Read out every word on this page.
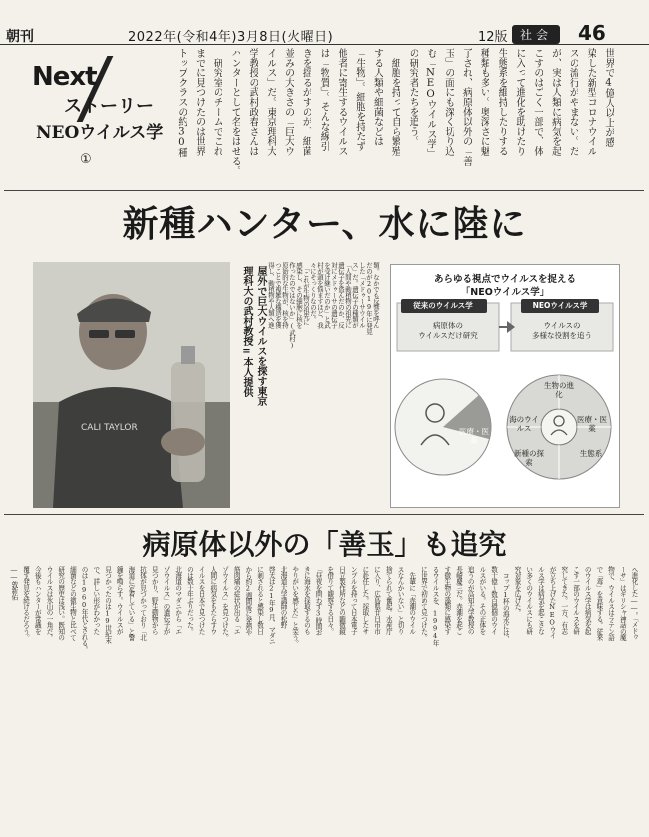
朝刊	2022年(令和4年)3月8日(火曜日)	12版	社会	46
Next
ストーリー
NEOウイルス学
①
世界で4億人以上が感
染した新型コロナウイル
スの流行がやまない。だ
が、実は人類に病気を起
こすのはごく一部で、体
に入って進化を助けたり
生態系を維持したりする
種類も多い。奥深さに魅
了され、病原体以外の「善
玉」の面にも深く切り込
む「NEOウイルス学」
の研究者たちを追う。
　細胞を持って自ら繁殖
する人類や細菌などは
「生物」。細胞を持たず
他者に寄生するウイルス
は「物質」。そんな線引
きを揺るがすのが、細菌
並みの大きさの「巨大ウ
イルス」だ。東京理科大
学教授の武村政春さんは
ハンターとして名をはせる。
　研究室のチームでこれ
までに見つけたのは世界
トップクラスの約30種
新種ハンター、水に陸に
CALI TAYLOR
屋外で巨大ウイルスを探す東京
理科大の武村教授=本人提供	類。なかでも反響を呼ん
だのが2019年に発見
した「メドゥーサウイル
ス」だ。遺伝子の種類が
「人間や動植物の祖先に
遺伝子を盗んだのか、反
対にメドゥーサの遺伝子
を受け継いだのか」と武
村が頭を悩ますほど、我
々にそっくりなのだ。
　「これが生物の祖先に
感染し、その細胞に核を
作ったのではないか」(武村)
原始的な生物が、核を持
つことで複雑な構造を獲
得し、動植物や人類へ進	あらゆる視点でウイルスを捉える
「NEOウイルス学」
従来のウイルス学	NEOウイルス学
病原体の
ウイルスだけ研究
ウイルスの
多様な役割を追う
医療・医薬
生物の進化
医療・医薬
生態系
新種の探索
海のウイルス
病原体以外の「善玉」も追究
へ進化した――。「メドゥ
ーサ」はギリシャ神話の魔
物で、ウイルスはラテン語
で「毒」を意味する。従来
のウイルス学は病気を起
こす一部のウイルスを研
究してきた。一方、有志
が立ち上げたNEOウイ
ルス学は病気を起こさな
い多くのウイルスにも研
究対象を広げた。
　コップ1杯の海水には、
数十億〜数百億個のウイ
ルスがいる。その正体を
追うのが高知大学教授の
長崎慶三だ。赤潮を起こ
す微生物の藻類に感染す
るウイルスを、1994年
に世界で初めて見つけた。
　先輩に「赤潮のウイル
スなんかいない」と切り
捨てられて奮起。水産庁
に入り、広島県廿日市市
に赴任した。採取したサ
ンプルを持って日本電子
日立製作所などの顕微鏡
を借りて観察する日々。
「昼夜を問わず3時間お
きに海水を採取するのも
やりがいを感じた」と笑う。
北海道大学講師の松野
啓太は21年9月、マダニ
に刺されると感染し数日
から約2週間後に発熱や
筋肉痛の症状が出る「エ
ゾウイルス」を見つけた。
人間に病気をもたらすウ
イルスを日本で見つけた
のは数十年ぶりだった。
北海道のマダニから「エ
ゾウイルス」の遺伝子が
見つかり、野生動物から
抗体が見つかっており「北
海道に定着している」と警
鐘を鳴らす。ウイルスが
見つかったのは19世紀末
で、詳しい形がわかった
のは1960年代とされる。
細菌などの微生物と比べて
研究の歴史は浅い。既知の
ウイルスは氷山の一角だ。
今後もハンターが常識を
覆す発見を続けるだろう。
――敦新佑
